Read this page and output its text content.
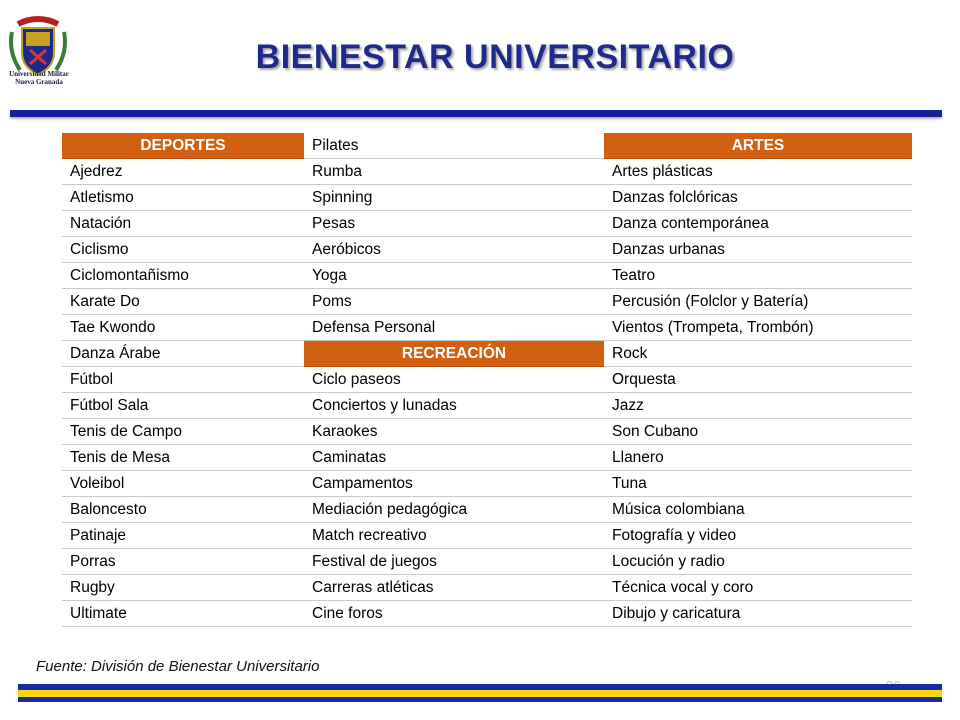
Universidad Militar
Nueva Granada
BIENESTAR UNIVERSITARIO
DEPORTES	Pilates	ARTES
Ajedrez	Rumba	Artes plásticas
Atletismo	Spinning	Danzas folclóricas
Natación	Pesas	Danza contemporánea
Ciclismo	Aeróbicos	Danzas urbanas
Ciclomontañismo	Yoga	Teatro
Karate Do	Poms	Percusión (Folclor y Batería)
Tae Kwondo	Defensa Personal	Vientos (Trompeta, Trombón)
Danza Árabe	RECREACIÓN	Rock
Fútbol	Ciclo paseos	Orquesta
Fútbol Sala	Conciertos y lunadas	Jazz
Tenis de Campo	Karaokes	Son Cubano
Tenis de Mesa	Caminatas	Llanero
Voleibol	Campamentos	Tuna
Baloncesto	Mediación pedagógica	Música colombiana
Patinaje	Match recreativo	Fotografía y video
Porras	Festival de juegos	Locución y radio
Rugby	Carreras atléticas	Técnica vocal y coro
Ultimate	Cine foros	Dibujo y caricatura
Fuente: División de Bienestar Universitario
